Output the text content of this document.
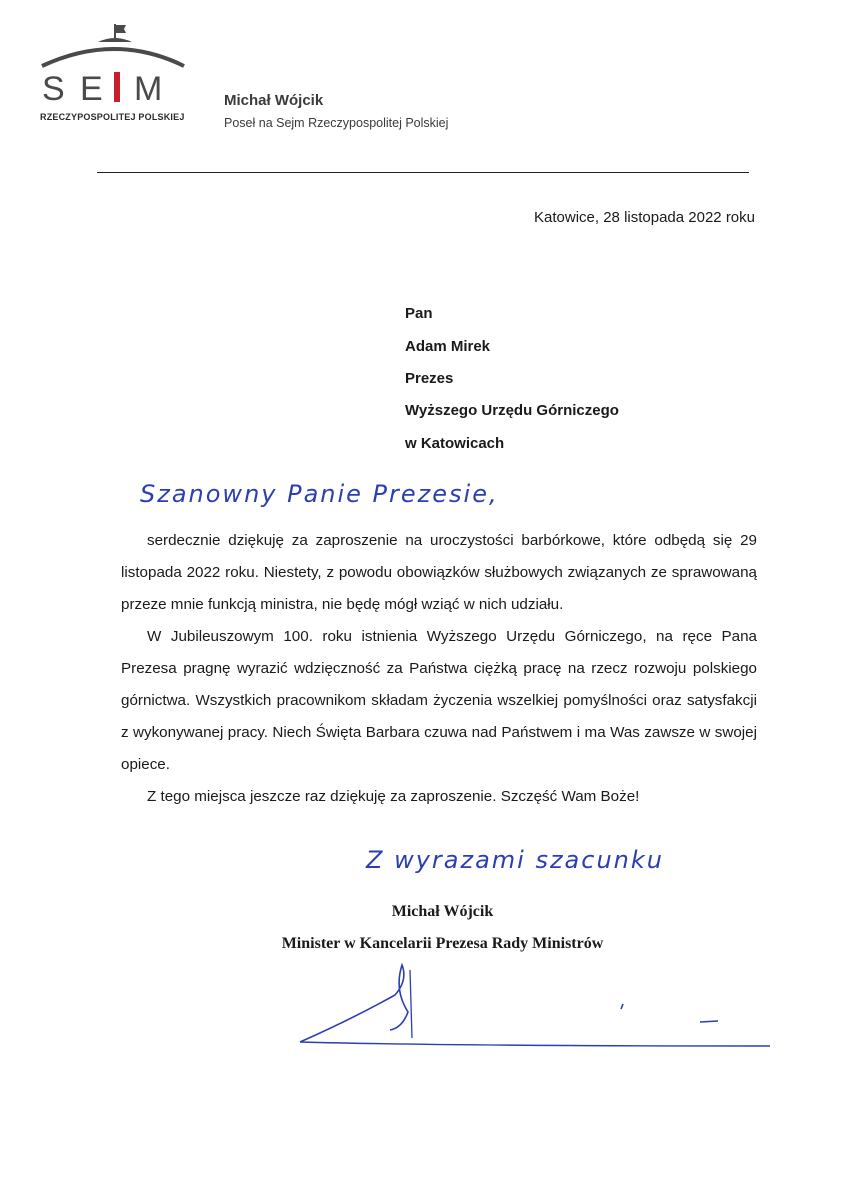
S E M
RZECZYPOSPOLITEJ POLSKIEJ
Michał Wójcik
Poseł na Sejm Rzeczypospolitej Polskiej
Katowice, 28 listopada 2022 roku
Pan
Adam Mirek
Prezes
Wyższego Urzędu Górniczego
w Katowicach
Szanowny Panie Prezesie,

serdecznie dziękuję za zaproszenie na uroczystości barbórkowe, które odbędą się 29 listopada 2022 roku. Niestety, z powodu obowiązków służbowych związanych ze sprawowaną przeze mnie funkcją ministra, nie będę mógł wziąć w nich udziału.

W Jubileuszowym 100. roku istnienia Wyższego Urzędu Górniczego, na ręce Pana Prezesa pragnę wyrazić wdzięczność za Państwa ciężką pracę na rzecz rozwoju polskiego górnictwa. Wszystkich pracownikom składam życzenia wszelkiej pomyślności oraz satysfakcji z wykonywanej pracy. Niech Święta Barbara czuwa nad Państwem i ma Was zawsze w swojej opiece.

Z tego miejsca jeszcze raz dziękuję za zaproszenie. Szczęść Wam Boże!

Z wyrazami szacunku
Michał Wójcik
Minister w Kancelarii Prezesa Rady Ministrów
